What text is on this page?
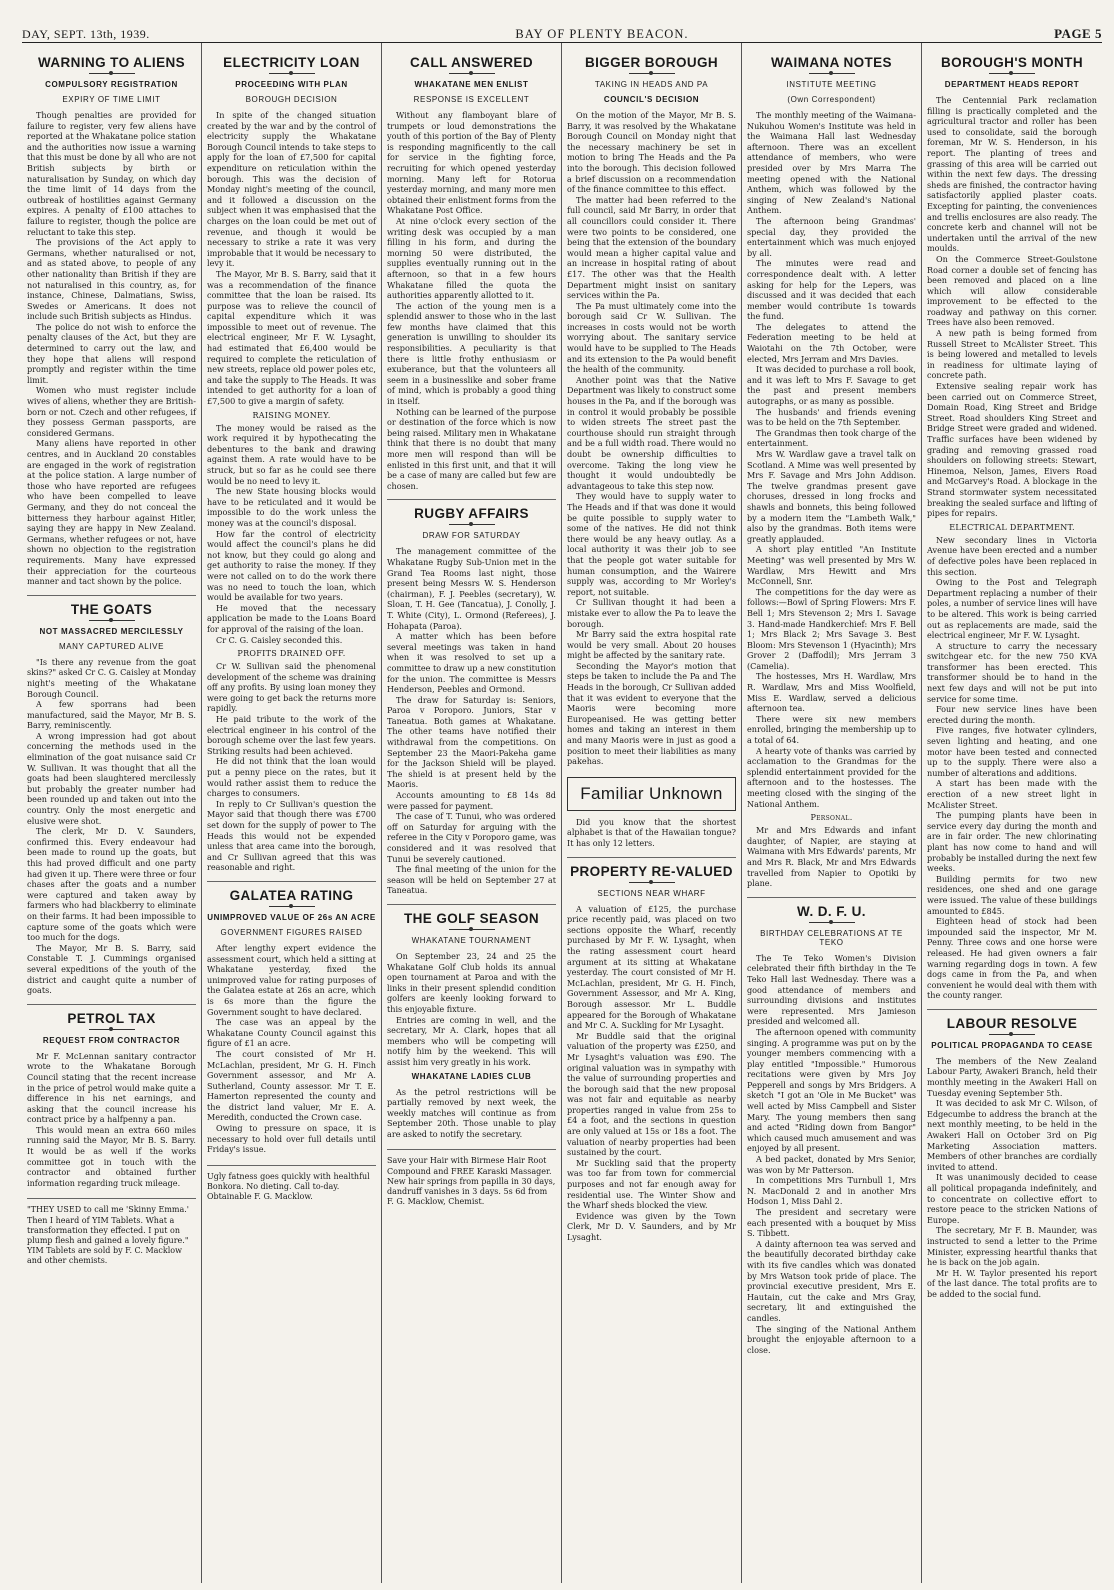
DAY, SEPT. 13th, 1939.	BAY OF PLENTY BEACON.	PAGE 5
WARNING TO ALIENS
COMPULSORY REGISTRATION
EXPIRY OF TIME LIMIT

Though penalties are provided for failure to register, very few aliens have reported at the Whakatane police station and the authorities now issue a warning that this must be done by all who are not British subjects by birth or naturalisation by Sunday, on which day the time limit of 14 days from the outbreak of hostilities against Germany expires. A penalty of £100 attaches to failure to register, though the police are reluctant to take this step.

The provisions of the Act apply to Germans, whether naturalised or not, and as stated above, to people of any other nationality than British if they are not naturalised in this country, as, for instance, Chinese, Dalmatians, Swiss, Swedes or Americans. It does not include such British subjects as Hindus.

The police do not wish to enforce the penalty clauses of the Act, but they are determined to carry out the law, and they hope that aliens will respond promptly and register within the time limit.

Women who must register include wives of aliens, whether they are British-born or not. Czech and other refugees, if they possess German passports, are considered Germans.

Many aliens have reported in other centres, and in Auckland 20 constables are engaged in the work of registration at the police station. A large number of those who have reported are refugees who have been compelled to leave Germany, and they do not conceal the bitterness they harbour against Hitler, saying they are happy in New Zealand. Germans, whether refugees or not, have shown no objection to the registration requirements. Many have expressed their appreciation for the courteous manner and tact shown by the police.

THE GOATS
NOT MASSACRED MERCILESSLY
MANY CAPTURED ALIVE

"Is there any revenue from the goat skins?" asked Cr C. G. Caisley at Monday night's meeting of the Whakatane Borough Council.

A few sporrans had been manufactured, said the Mayor, Mr B. S. Barry, reminiscently.

A wrong impression had got about concerning the methods used in the elimination of the goat nuisance said Cr W. Sullivan. It was thought that all the goats had been slaughtered mercilessly but probably the greater number had been rounded up and taken out into the country. Only the most energetic and elusive were shot.

The clerk, Mr D. V. Saunders, confirmed this. Every endeavour had been made to round up the goats, but this had proved difficult and one party had given it up. There were three or four chases after the goats and a number were captured and taken away by farmers who had blackberry to eliminate on their farms. It had been impossible to capture some of the goats which were too much for the dogs.

The Mayor, Mr B. S. Barry, said Constable T. J. Cummings organised several expeditions of the youth of the district and caught quite a number of goats.

PETROL TAX
REQUEST FROM CONTRACTOR

Mr F. McLennan sanitary contractor wrote to the Whakatane Borough Council stating that the recent increase in the price of petrol would make quite a difference in his net earnings, and asking that the council increase his contract price by a halfpenny a pan.

This would mean an extra 660 miles running said the Mayor, Mr B. S. Barry. It would be as well if the works committee got in touch with the contractor and obtained further information regarding truck mileage.

"THEY USED to call me 'Skinny Emma.' Then I heard of YIM Tablets. What a transformation they effected. I put on plump flesh and gained a lovely figure." YIM Tablets are sold by F. C. Macklow and other chemists.
ELECTRICITY LOAN
PROCEEDING WITH PLAN
BOROUGH DECISION

In spite of the changed situation created by the war and by the control of electricity supply the Whakatane Borough Council intends to take steps to apply for the loan of £7,500 for capital expenditure on reticulation within the borough. This was the decision of Monday night's meeting of the council, and it followed a discussion on the subject when it was emphasised that the charges on the loan could be met out of revenue, and though it would be necessary to strike a rate it was very improbable that it would be necessary to levy it.

The Mayor, Mr B. S. Barry, said that it was a recommendation of the finance committee that the loan be raised. Its purpose was to relieve the council of capital expenditure which it was impossible to meet out of revenue. The electrical engineer, Mr F. W. Lysaght, had estimated that £6,400 would be required to complete the reticulation of new streets, replace old power poles etc, and take the supply to The Heads. It was intended to get authority for a loan of £7,500 to give a margin of safety.

RAISING MONEY.

The money would be raised as the work required it by hypothecating the debentures to the bank and drawing against them. A rate would have to be struck, but so far as he could see there would be no need to levy it.

The new State housing blocks would have to be reticulated and it would be impossible to do the work unless the money was at the council's disposal.

How far the control of electricity would affect the council's plans he did not know, but they could go along and get authority to raise the money. If they were not called on to do the work there was no need to touch the loan, which would be available for two years.

He moved that the necessary application be made to the Loans Board for approval of the raising of the loan.

Cr C. G. Caisley seconded this.

PROFITS DRAINED OFF.

Cr W. Sullivan said the phenomenal development of the scheme was draining off any profits. By using loan money they were going to get back the returns more rapidly.

He paid tribute to the work of the electrical engineer in his control of the borough scheme over the last few years. Striking results had been achieved.

He did not think that the loan would put a penny piece on the rates, but it would rather assist them to reduce the charges to consumers.

In reply to Cr Sullivan's question the Mayor said that though there was £700 set down for the supply of power to The Heads this would not be expended unless that area came into the borough, and Cr Sullivan agreed that this was reasonable and right.

GALATEA RATING
UNIMPROVED VALUE OF 26s AN ACRE
GOVERNMENT FIGURES RAISED

After lengthy expert evidence the assessment court, which held a sitting at Whakatane yesterday, fixed the unimproved value for rating purposes of the Galatea estate at 26s an acre, which is 6s more than the figure the Government sought to have declared.

The case was an appeal by the Whakatane County Council against this figure of £1 an acre.

The court consisted of Mr H. McLachlan, president, Mr G. H. Finch Government assessor, and Mr A. Sutherland, County assessor. Mr T. E. Hamerton represented the county and the district land valuer, Mr E. A. Meredith, conducted the Crown case.

Owing to pressure on space, it is necessary to hold over full details until Friday's issue.

Ugly fatness goes quickly with healthful Bonkora. No dieting. Call to-day. Obtainable F. G. Macklow.
CALL ANSWERED
WHAKATANE MEN ENLIST
RESPONSE IS EXCELLENT

Without any flamboyant blare of trumpets or loud demonstrations the youth of this portion of the Bay of Plenty is responding magnificently to the call for service in the fighting force, recruiting for which opened yesterday morning. Many left for Rotorua yesterday morning, and many more men obtained their enlistment forms from the Whakatane Post Office.

At nine o'clock every section of the writing desk was occupied by a man filling in his form, and during the morning 50 were distributed, the supplies eventually running out in the afternoon, so that in a few hours Whakatane filled the quota the authorities apparently allotted to it.

The action of the young men is a splendid answer to those who in the last few months have claimed that this generation is unwilling to shoulder its responsibilities. A peculiarity is that there is little frothy enthusiasm or exuberance, but that the volunteers all seem in a businesslike and sober frame of mind, which is probably a good thing in itself.

Nothing can be learned of the purpose or destination of the force which is now being raised. Military men in Whakatane think that there is no doubt that many more men will respond than will be enlisted in this first unit, and that it will be a case of many are called but few are chosen.

RUGBY AFFAIRS
DRAW FOR SATURDAY

The management committee of the Whakatane Rugby Sub-Union met in the Grand Tea Rooms last night, those present being Messrs W. S. Henderson (chairman), F. J. Peebles (secretary), W. Sloan, T. H. Gee (Tancatua), J. Conolly, J. T. White (City), L. Ormond (Referees), J. Hohapata (Paroa).

A matter which has been before several meetings was taken in hand when it was resolved to set up a committee to draw up a new constitution for the union. The committee is Messrs Henderson, Peebles and Ormond.

The draw for Saturday is: Seniors, Paroa v Poroporo. Juniors, Star v Taneatua. Both games at Whakatane. The other teams have notified their withdrawal from the competitions. On September 23 the Maori-Pakeha game for the Jackson Shield will be played. The shield is at present held by the Maoris.

Accounts amounting to £8 14s 8d were passed for payment.

The case of T. Tunui, who was ordered off on Saturday for arguing with the referee in the City v Poroporo game, was considered and it was resolved that Tunui be severely cautioned.

The final meeting of the union for the season will be held on September 27 at Taneatua.

THE GOLF SEASON
WHAKATANE TOURNAMENT

On September 23, 24 and 25 the Whakatane Golf Club holds its annual open tournament at Paroa and with the links in their present splendid condition golfers are keenly looking forward to this enjoyable fixture.

Entries are coming in well, and the secretary, Mr A. Clark, hopes that all members who will be competing will notify him by the weekend. This will assist him very greatly in his work.

WHAKATANE LADIES CLUB

As the petrol restrictions will be partially removed by next week, the weekly matches will continue as from September 20th. Those unable to play are asked to notify the secretary.

Save your Hair with Birmese Hair Root Compound and FREE Karaski Massager. New hair springs from papilla in 30 days, dandruff vanishes in 3 days. 5s 6d from F. G. Macklow, Chemist.
BIGGER BOROUGH
TAKING IN HEADS AND PA
COUNCIL'S DECISION

On the motion of the Mayor, Mr B. S. Barry, it was resolved by the Whakatane Borough Council on Monday night that the necessary machinery be set in motion to bring The Heads and the Pa into the borough. This decision followed a brief discussion on a recommendation of the finance committee to this effect.

The matter had been referred to the full council, said Mr Barry, in order that all councillors could consider it. There were two points to be considered, one being that the extension of the boundary would mean a higher capital value and an increase in hospital rating of about £17. The other was that the Health Department might insist on sanitary services within the Pa.

The Pa must ultimately come into the borough said Cr W. Sullivan. The increases in costs would not be worth worrying about. The sanitary service would have to be supplied to The Heads and its extension to the Pa would benefit the health of the community.

Another point was that the Native Department was likely to construct some houses in the Pa, and if the borough was in control it would probably be possible to widen streets The street past the courthouse should run straight through and be a full width road. There would no doubt be ownership difficulties to overcome. Taking the long view he thought it would undoubtedly be advantageous to take this step now.

They would have to supply water to The Heads and if that was done it would be quite possible to supply water to some of the natives. He did not think there would be any heavy outlay. As a local authority it was their job to see that the people got water suitable for human consumption, and the Wairere supply was, according to Mr Worley's report, not suitable.

Cr Sullivan thought it had been a mistake ever to allow the Pa to leave the borough.

Mr Barry said the extra hospital rate would be very small. About 20 houses might be affected by the sanitary rate.

Seconding the Mayor's motion that steps be taken to include the Pa and The Heads in the borough, Cr Sullivan added that it was evident to everyone that the Maoris were becoming more Europeanised. He was getting better homes and taking an interest in them and many Maoris were in just as good a position to meet their liabilities as many pakehas.

Familiar Unknown

Did you know that the shortest alphabet is that of the Hawaiian tongue? It has only 12 letters.

PROPERTY RE-VALUED
SECTIONS NEAR WHARF

A valuation of £125, the purchase price recently paid, was placed on two sections opposite the Wharf, recently purchased by Mr F. W. Lysaght, when the rating assessment court heard argument at its sitting at Whakatane yesterday. The court consisted of Mr H. McLachlan, president, Mr G. H. Finch, Government Assessor, and Mr A. King, Borough assessor. Mr L. Buddle appeared for the Borough of Whakatane and Mr C. A. Suckling for Mr Lysaght.

Mr Buddle said that the original valuation of the property was £250, and Mr Lysaght's valuation was £90. The original valuation was in sympathy with the value of surrounding properties and the borough said that the new proposal was not fair and equitable as nearby properties ranged in value from 25s to £4 a foot, and the sections in question are only valued at 15s or 18s a foot. The valuation of nearby properties had been sustained by the court.

Mr Suckling said that the property was too far from town for commercial purposes and not far enough away for residential use. The Winter Show and the Wharf sheds blocked the view.

Evidence was given by the Town Clerk, Mr D. V. Saunders, and by Mr Lysaght.

WAIMANA NOTES
INSTITUTE MEETING
(Own Correspondent)

The monthly meeting of the Waimana-Nukuhou Women's Institute was held in the Waimana Hall last Wednesday afternoon. There was an excellent attendance of members, who were presided over by Mrs Marra The meeting opened with the National Anthem, which was followed by the singing of New Zealand's National Anthem.

The afternoon being Grandmas' special day, they provided the entertainment which was much enjoyed by all.

The minutes were read and correspondence dealt with. A letter asking for help for the Lepers, was discussed and it was decided that each member would contribute 1s towards the fund.

The delegates to attend the Federation meeting to be held at Waiotahi on the 7th October, were elected, Mrs Jerram and Mrs Davies.

It was decided to purchase a roll book, and it was left to Mrs F. Savage to get the past and present members autographs, or as many as possible.

The husbands' and friends evening was to be held on the 7th September.

The Grandmas then took charge of the entertainment.

Mrs W. Wardlaw gave a travel talk on Scotland. A Mime was well presented by Mrs F. Savage and Mrs John Addison. The twelve grandmas present gave choruses, dressed in long frocks and shawls and bonnets, this being followed by a modern item the "Lambeth Walk," also by the grandmas. Both items were greatly applauded.

A short play entitled "An Institute Meeting" was well presented by Mrs W. Wardlaw, Mrs Hewitt and Mrs McConnell, Snr.

The competitions for the day were as follows:—Bowl of Spring Flowers: Mrs F. Bell 1; Mrs Stevenson 2; Mrs I. Savage 3. Hand-made Handkerchief: Mrs F. Bell 1; Mrs Black 2; Mrs Savage 3. Best Bloom: Mrs Stevenson 1 (Hyacinth); Mrs Grover 2 (Daffodil); Mrs Jerram 3 (Camelia).

The hostesses, Mrs H. Wardlaw, Mrs R. Wardlaw, Mrs and Miss Woolfield, Miss E. Wardlaw, served a delicious afternoon tea.

There were six new members enrolled, bringing the membership up to a total of 64.

A hearty vote of thanks was carried by acclamation to the Grandmas for the splendid entertainment provided for the afternoon and to the hostesses. The meeting closed with the singing of the National Anthem.

Personal.

Mr and Mrs Edwards and infant daughter, of Napier, are staying at Waimana with Mrs Edwards' parents, Mr and Mrs R. Black, Mr and Mrs Edwards travelled from Napier to Opotiki by plane.

W. D. F. U.
BIRTHDAY CELEBRATIONS AT TE TEKO

The Te Teko Women's Division celebrated their fifth birthday in the Te Teko Hall last Wednesday. There was a good attendance of members and surrounding divisions and institutes were represented. Mrs Jamieson presided and welcomed all.

The afternoon opened with community singing. A programme was put on by the younger members commencing with a play entitled "Impossible." Humorous recitations were given by Mrs Joy Pepperell and songs by Mrs Bridgers. A sketch "I got an 'Ole in Me Bucket" was well acted by Miss Campbell and Sister Mary. The young members then sang and acted "Riding down from Bangor" which caused much amusement and was enjoyed by all present.

A bed packet, donated by Mrs Senior, was won by Mr Patterson.

In competitions Mrs Turnbull 1, Mrs N. MacDonald 2 and in another Mrs Hodson 1, Miss Dahl 2.

The president and secretary were each presented with a bouquet by Miss S. Tibbett.

A dainty afternoon tea was served and the beautifully decorated birthday cake with its five candles which was donated by Mrs Watson took pride of place. The provincial executive president, Mrs E. Hautain, cut the cake and Mrs Gray, secretary, lit and extinguished the candles.

The singing of the National Anthem brought the enjoyable afternoon to a close.

BOROUGH'S MONTH
DEPARTMENT HEADS REPORT

The Centennial Park reclamation filling is practically completed and the agricultural tractor and roller has been used to consolidate, said the borough foreman, Mr W. S. Henderson, in his report. The planting of trees and grassing of this area will be carried out within the next few days. The dressing sheds are finished, the contractor having satisfactorily applied plaster coats. Excepting for painting, the conveniences and trellis enclosures are also ready. The concrete kerb and channel will not be undertaken until the arrival of the new moulds.

On the Commerce Street-Goulstone Road corner a double set of fencing has been removed and placed on a line which will allow considerable improvement to be effected to the roadway and pathway on this corner. Trees have also been removed.

A new path is being formed from Russell Street to McAlister Street. This is being lowered and metalled to levels in readiness for ultimate laying of concrete path.

Extensive sealing repair work has been carried out on Commerce Street, Domain Road, King Street and Bridge Street. Road shoulders King Street and Bridge Street were graded and widened. Traffic surfaces have been widened by grading and removing grassed road shoulders on following streets: Stewart, Hinemoa, Nelson, James, Eivers Road and McGarvey's Road. A blockage in the Strand stormwater system necessitated breaking the sealed surface and lifting of pipes for repairs.

ELECTRICAL DEPARTMENT.

New secondary lines in Victoria Avenue have been erected and a number of defective poles have been replaced in this section.

Owing to the Post and Telegraph Department replacing a number of their poles, a number of service lines will have to be altered. This work is being carried out as replacements are made, said the electrical engineer, Mr F. W. Lysaght.

A structure to carry the necessary switchgear etc. for the new 750 KVA transformer has been erected. This transformer should be to hand in the next few days and will not be put into service for some time.

Four new service lines have been erected during the month.

Five ranges, five hotwater cylinders, seven lighting and heating, and one motor have been tested and connected up to the supply. There were also a number of alterations and additions.

A start has been made with the erection of a new street light in McAlister Street.

The pumping plants have been in service every day during the month and are in fair order. The new chlorinating plant has now come to hand and will probably be installed during the next few weeks.

Building permits for two new residences, one shed and one garage were issued. The value of these buildings amounted to £845.

Eighteen head of stock had been impounded said the inspector, Mr M. Penny. Three cows and one horse were released. He had given owners a fair warning regarding dogs in town. A few dogs came in from the Pa, and when convenient he would deal with them with the county ranger.

LABOUR RESOLVE
POLITICAL PROPAGANDA TO CEASE

The members of the New Zealand Labour Party, Awakeri Branch, held their monthly meeting in the Awakeri Hall on Tuesday evening September 5th.

It was decided to ask Mr C. Wilson, of Edgecumbe to address the branch at the next monthly meeting, to be held in the Awakeri Hall on October 3rd on Pig Marketing Association matters. Members of other branches are cordially invited to attend.

It was unanimously decided to cease all political propaganda indefinitely, and to concentrate on collective effort to restore peace to the stricken Nations of Europe.

The secretary, Mr F. B. Maunder, was instructed to send a letter to the Prime Minister, expressing heartful thanks that he is back on the job again.

Mr H. W. Taylor presented his report of the last dance. The total profits are to be added to the social fund.
